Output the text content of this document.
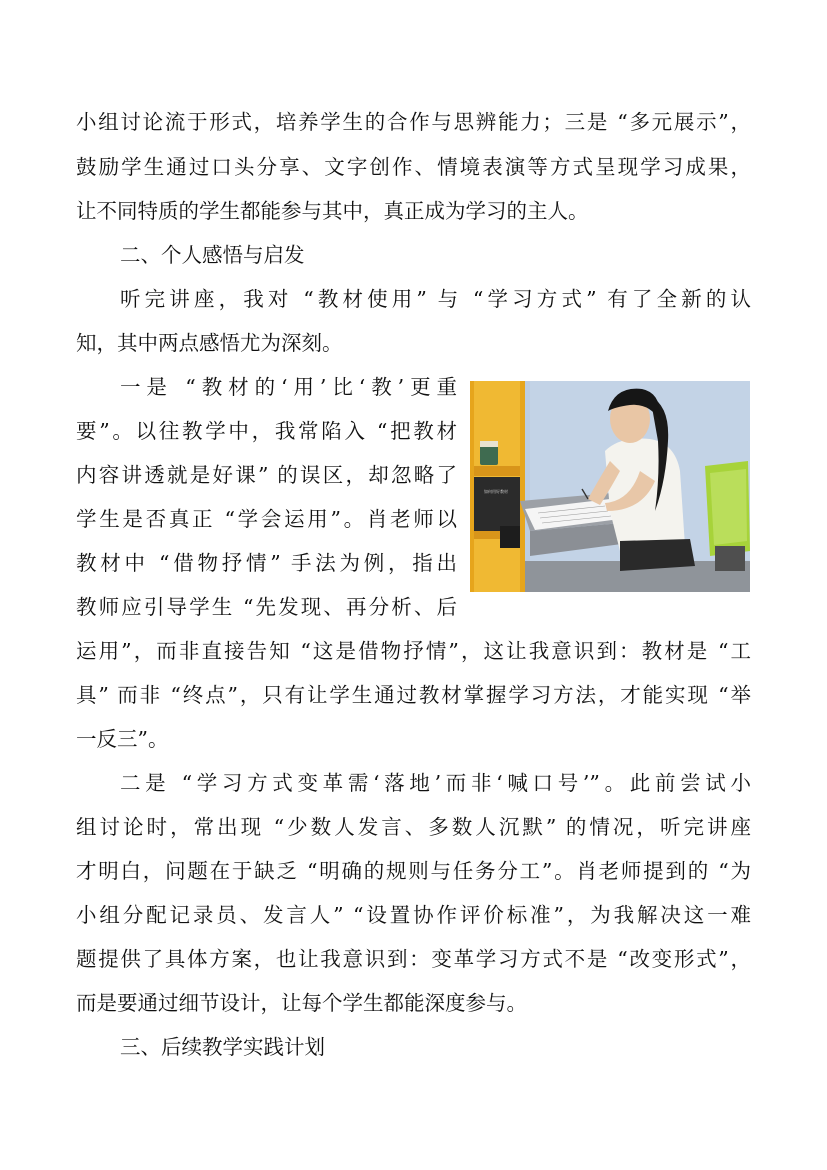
小组讨论流于形式，培养学生的合作与思辨能力；三是 “多元展示”，

鼓励学生通过口头分享、文字创作、情境表演等方式呈现学习成果，

让不同特质的学生都能参与其中，真正成为学习的主人。

二、个人感悟与启发

听完讲座，我对 “教材使用” 与 “学习方式” 有了全新的认

知，其中两点感悟尤为深刻。

一是 “教材的‘用’比‘教’更重

要”。以往教学中，我常陷入 “把教材

内容讲透就是好课” 的误区，却忽略了

学生是否真正 “学会运用”。肖老师以

教材中 “借物抒情” 手法为例，指出

教师应引导学生 “先发现、再分析、后

运用”，而非直接告知 “这是借物抒情”，这让我意识到：教材是 “工

具” 而非 “终点”，只有让学生通过教材掌握学习方法，才能实现 “举

一反三”。

二是 “学习方式变革需‘落地’而非‘喊口号’”。此前尝试小

组讨论时，常出现 “少数人发言、多数人沉默” 的情况，听完讲座

才明白，问题在于缺乏 “明确的规则与任务分工”。肖老师提到的 “为

小组分配记录员、发言人” “设置协作评价标准”，为我解决这一难

题提供了具体方案，也让我意识到：变革学习方式不是 “改变形式”，

而是要通过细节设计，让每个学生都能深度参与。

三、后续教学实践计划

如何用好教材
